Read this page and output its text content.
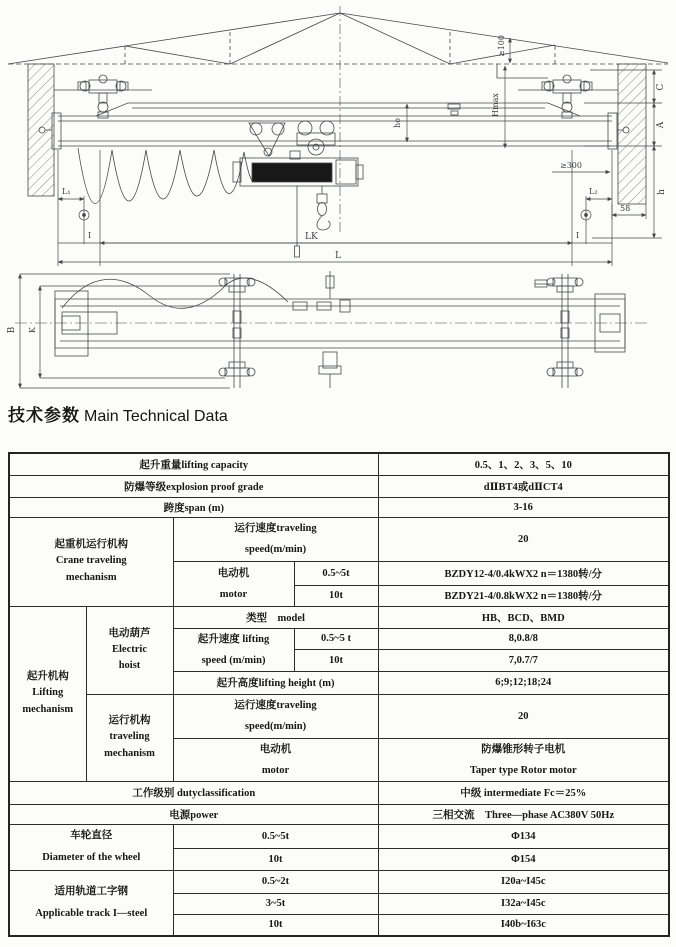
≥100
Hmax
ho
C
A
h
≥300
58
L₁	L₂
I	I
LK
L
B K
技术参数 Main Technical Data
起升重量lifting capacity				0.5、1、2、3、5、10
防爆等级explosion proof grade				dⅡBT4或dⅡCT4
跨度span (m)				3-16

起重机运行机构
Crane traveling
mechanism		运行速度traveling
speed(m/min)		20

		电动机
motor	0.5~5t	BZDY12-4/0.4kWX2 n＝1380转/分
			10t	BZDY21-4/0.8kWX2 n＝1380转/分

起升机构
Lifting
mechanism	电动葫芦
Electric
hoist	类型　model		HB、BCD、BMD

		起升速度 lifting
speed (m/min)	0.5~5 t	8,0.8/8
			10t	7,0.7/7
		起升高度lifting height (m)		6;9;12;18;24

	运行机构
traveling
mechanism	运行速度traveling
speed(m/min)		20

		电动机
motor		防爆锥形转子电机
Taper type Rotor motor

工作级别 dutyclassification				中级 intermediate Fc＝25%
电源power				三相交流　Three—phase AC380V 50Hz

车轮直径
Diameter of the wheel		0.5~5t		Φ134
		10t		Φ154

适用轨道工字钢
Applicable track I—steel		0.5~2t		I20a~I45c
		3~5t		I32a~I45c
		10t		I40b~I63c
